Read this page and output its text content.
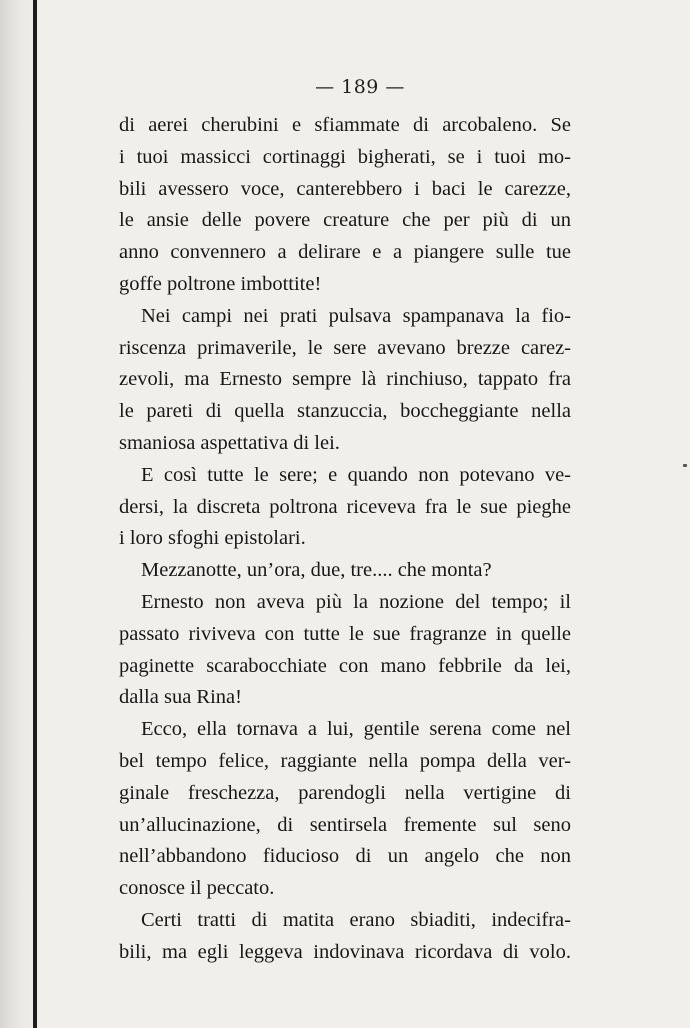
— 189 —
di aerei cherubini e sfiammate di arcobaleno. Se
i tuoi massicci cortinaggi bigherati, se i tuoi mo-
bili avessero voce, canterebbero i baci le carezze,
le ansie delle povere creature che per più di un
anno convennero a delirare e a piangere sulle tue
goffe poltrone imbottite!
Nei campi nei prati pulsava spampanava la fio-
riscenza primaverile, le sere avevano brezze carez-
zevoli, ma Ernesto sempre là rinchiuso, tappato fra
le pareti di quella stanzuccia, boccheggiante nella
smaniosa aspettativa di lei.
E così tutte le sere; e quando non potevano ve-
dersi, la discreta poltrona riceveva fra le sue pieghe
i loro sfoghi epistolari.
Mezzanotte, un’ora, due, tre.... che monta?
Ernesto non aveva più la nozione del tempo; il
passato riviveva con tutte le sue fragranze in quelle
paginette scarabocchiate con mano febbrile da lei,
dalla sua Rina!
Ecco, ella tornava a lui, gentile serena come nel
bel tempo felice, raggiante nella pompa della ver-
ginale freschezza, parendogli nella vertigine di
un’allucinazione, di sentirsela fremente sul seno
nell’abbandono fiducioso di un angelo che non
conosce il peccato.
Certi tratti di matita erano sbiaditi, indecifra-
bili, ma egli leggeva indovinava ricordava di volo.
